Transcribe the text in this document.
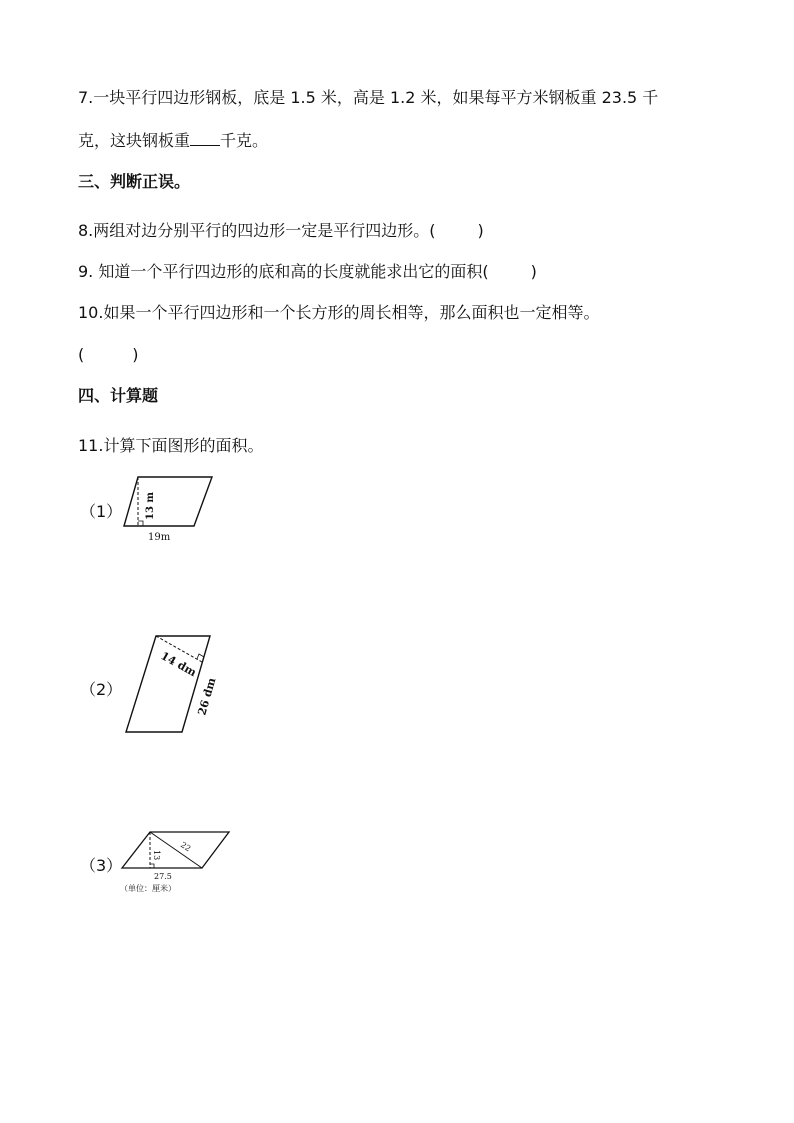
7.一块平行四边形钢板，底是 1.5 米，高是 1.2 米，如果每平方米钢板重 23.5 千
克，这块钢板重 千克。
三、判断正误。
8.两组对边分别平行的四边形一定是平行四边形。(	)
9. 知道一个平行四边形的底和高的长度就能求出它的面积(	)
10.如果一个平行四边形和一个长方形的周长相等，那么面积也一定相等。
(	)
四、计算题
11.计算下面图形的面积。
（1） 13 m
19m
（2）
14 dm
26 dm
（3）
13
22
27.5
（单位：厘米）
